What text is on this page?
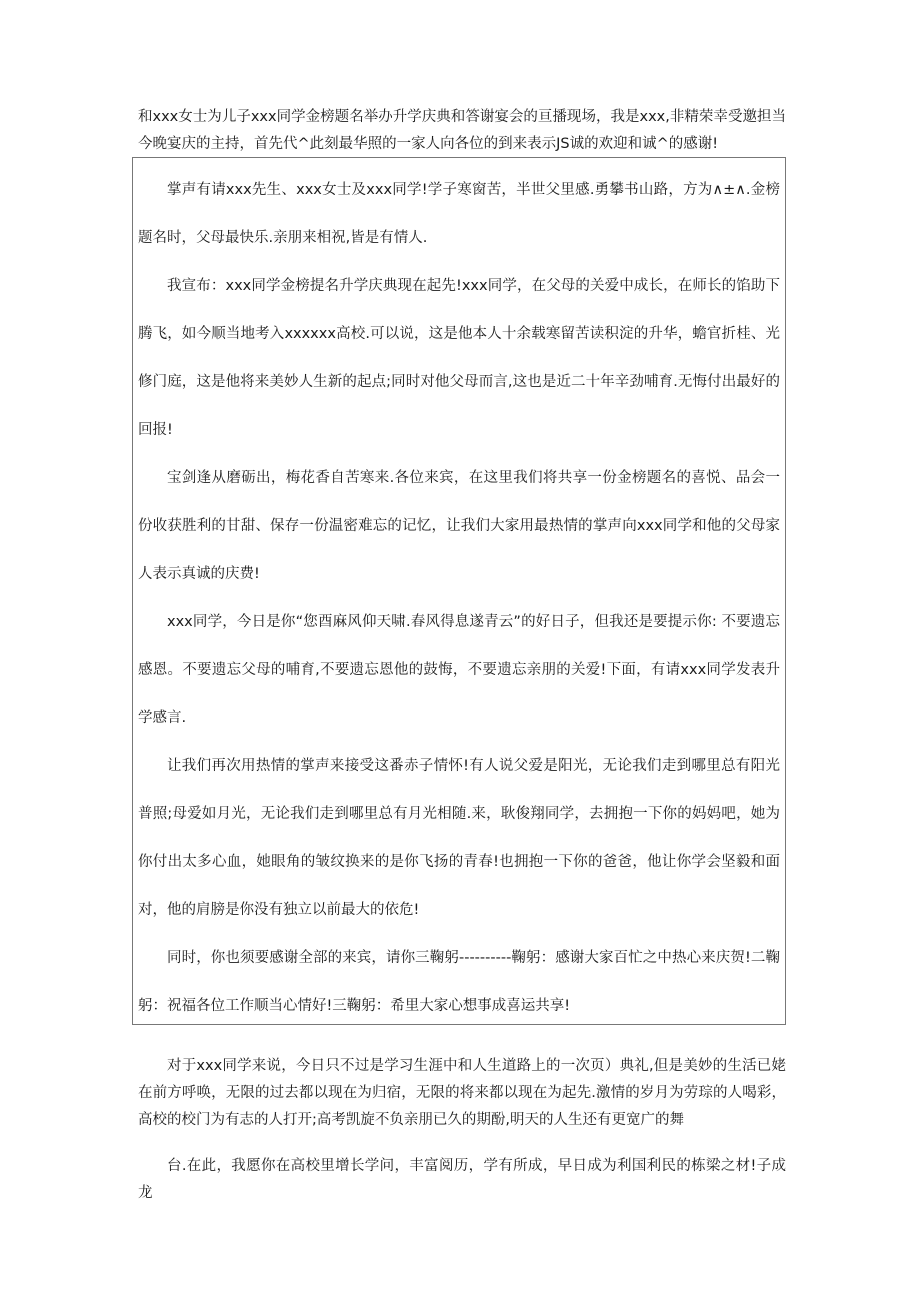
和xxx女士为儿子xxx同学金榜题名举办升学庆典和答谢宴会的亘播现场，我是xxx,非精荣幸受邀担当今晚宴庆的主持，首先代^此刻最华照的一家人向各位的到来表示JS诚的欢迎和诚^的感谢!

掌声有请xxx先生、xxx女士及xxx同学!学子寒窗苦，半世父里感.勇攀书山路，方为∧±∧.金榜题名时，父母最快乐.亲朋来相祝,皆是有情人.

我宣布：xxx同学金榜提名升学庆典现在起先!xxx同学，在父母的关爱中成长，在师长的馅助下腾飞，如今顺当地考入xxxxxx高校.可以说，这是他本人十余载寒留苦读积淀的升华，蟾官折桂、光修门庭，这是他将来美妙人生新的起点;同时对他父母而言,这也是近二十年辛劲哺育.无悔付出最好的回报!

宝剑逢从磨砺出，梅花香自苦寒来.各位来宾，在这里我们将共享一份金榜题名的喜悦、品会一份收获胜利的甘甜、保存一份温密难忘的记忆，让我们大家用最热情的掌声向xxx同学和他的父母家人表示真诚的庆费!

xxx同学，今日是你“您酉麻风仰天啸.春风得息遂青云”的好日子，但我还是要提示你: 不要遗忘感恩。不要遗忘父母的哺育,不要遗忘恩他的鼓悔，不要遗忘亲朋的关爱!下面，有请xxx同学发表升学感言.

让我们再次用热情的掌声来接受这番赤子情怀!有人说父爱是阳光，无论我们走到哪里总有阳光普照;母爱如月光，无论我们走到哪里总有月光相随.来，耿俊翔同学，去拥抱一下你的妈妈吧，她为你付出太多心血，她眼角的皱纹换来的是你飞扬的青春!也拥抱一下你的爸爸，他让你学会坚毅和面对，他的肩膀是你没有独立以前最大的依危!

同时，你也须要感谢全部的来宾，请你三鞠躬----------鞠躬：感谢大家百忙之中热心来庆贺!二鞠躬：祝福各位工作顺当心情好!三鞠躬：希里大家心想事成喜运共享!

对于xxx同学来说，今日只不过是学习生涯中和人生道路上的一次页）典礼,但是美妙的生活已姥在前方呼唤，无限的过去都以现在为归宿，无限的将来都以现在为起先.激情的岁月为劳琮的人喝彩，高校的校门为有志的人打开;高考凯旋不负亲朋已久的期酚,明天的人生还有更宽广的舞

台.在此，我愿你在高校里增长学问，丰富阅历，学有所成，早日成为利国利民的栋梁之材!子成龙
